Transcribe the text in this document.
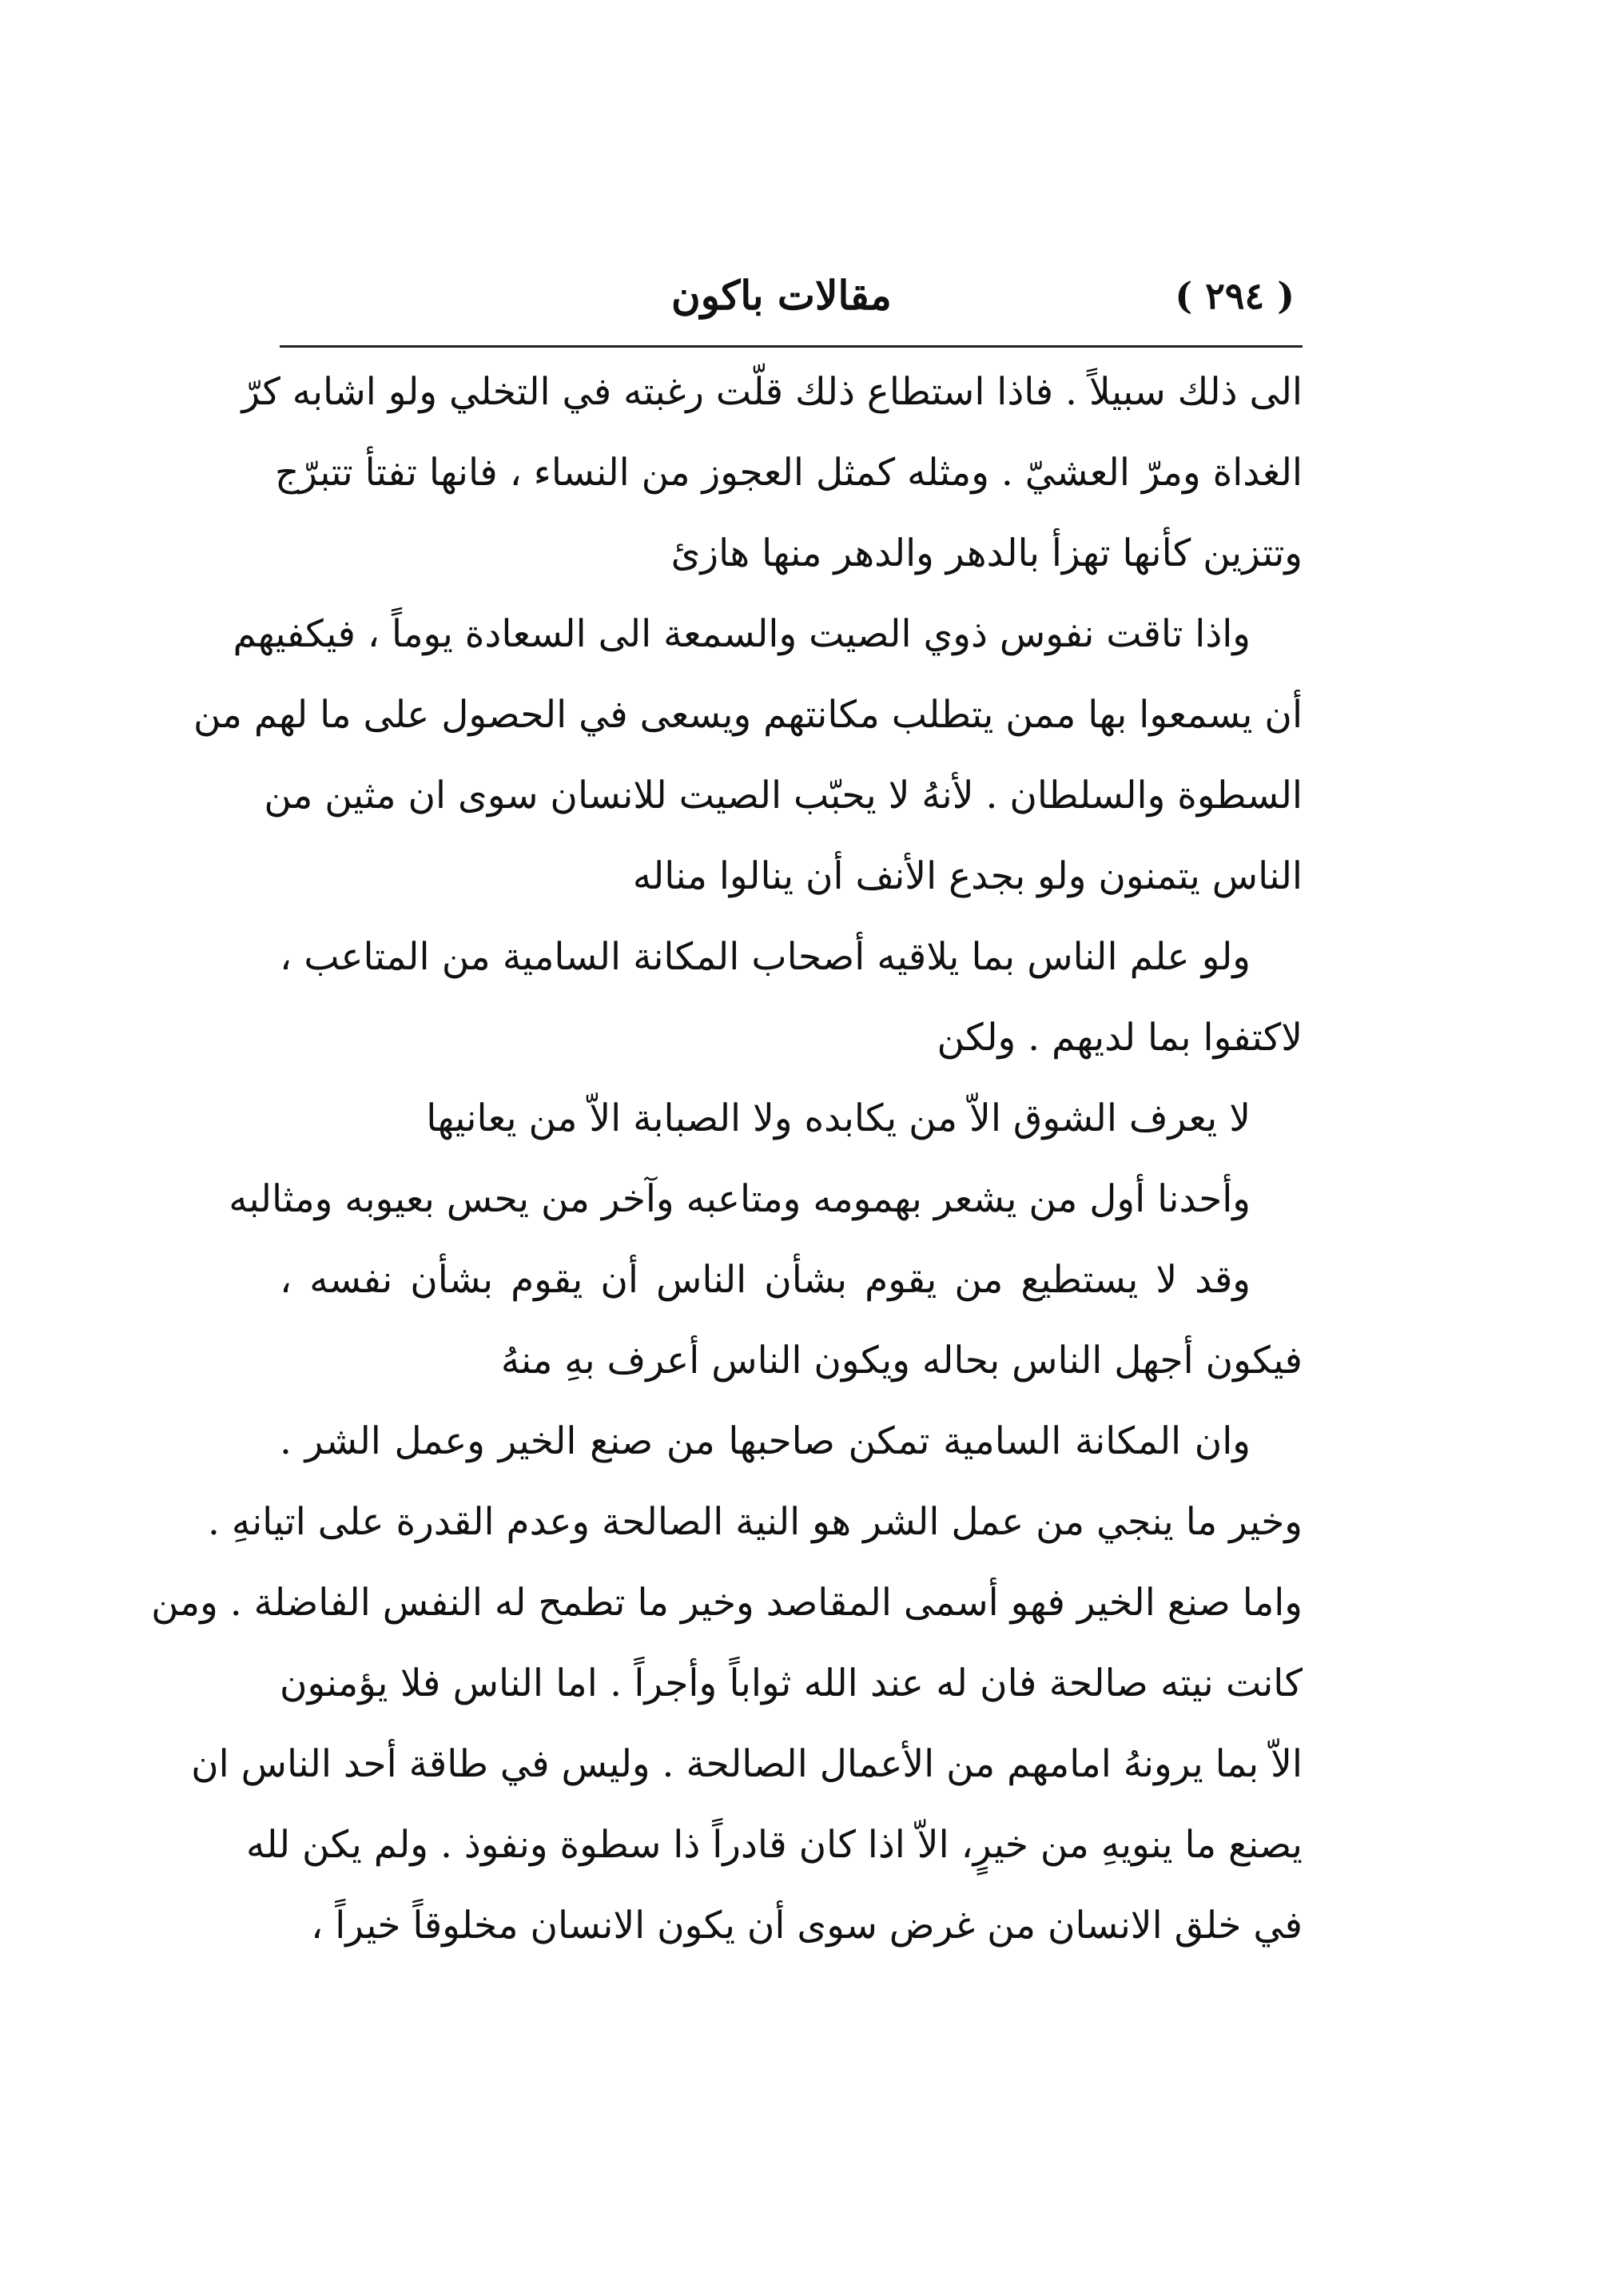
( ٢٩٤ )
مقالات باكون
الى ذلك سبيلاً . فاذا استطاع ذلك قلّت رغبته في التخلي ولو اشابه كرّ
الغداة ومرّ العشيّ . ومثله كمثل العجوز من النساء ، فانها تفتأ تتبرّج
وتتزين كأنها تهزأ بالدهر والدهر منها هازئ
واذا تاقت نفوس ذوي الصيت والسمعة الى السعادة يوماً ، فيكفيهم
أن يسمعوا بها ممن يتطلب مكانتهم ويسعى في الحصول على ما لهم من
السطوة والسلطان . لأنهُ لا يحبّب الصيت للانسان سوى ان مثين من
الناس يتمنون ولو بجدع الأنف أن ينالوا مناله
ولو علم الناس بما يلاقيه أصحاب المكانة السامية من المتاعب ،
لاكتفوا بما لديهم . ولكن
لا يعرف الشوق الاّ من يكابده ولا الصبابة الاّ من يعانيها
وأحدنا أول من يشعر بهمومه ومتاعبه وآخر من يحس بعيوبه ومثالبه
وقد لا يستطيع من يقوم بشأن الناس أن يقوم بشأن نفسه ،
فيكون أجهل الناس بحاله ويكون الناس أعرف بهِ منهُ
وان المكانة السامية تمكن صاحبها من صنع الخير وعمل الشر .
وخير ما ينجي من عمل الشر هو النية الصالحة وعدم القدرة على اتيانهِ .
واما صنع الخير فهو أسمى المقاصد وخير ما تطمح له النفس الفاضلة . ومن
كانت نيته صالحة فان له عند الله ثواباً وأجراً . اما الناس فلا يؤمنون
الاّ بما يرونهُ امامهم من الأعمال الصالحة . وليس في طاقة أحد الناس ان
يصنع ما ينويهِ من خيرٍ، الاّ اذا كان قادراً ذا سطوة ونفوذ . ولم يكن لله
في خلق الانسان من غرض سوى أن يكون الانسان مخلوقاً خيراً ،
